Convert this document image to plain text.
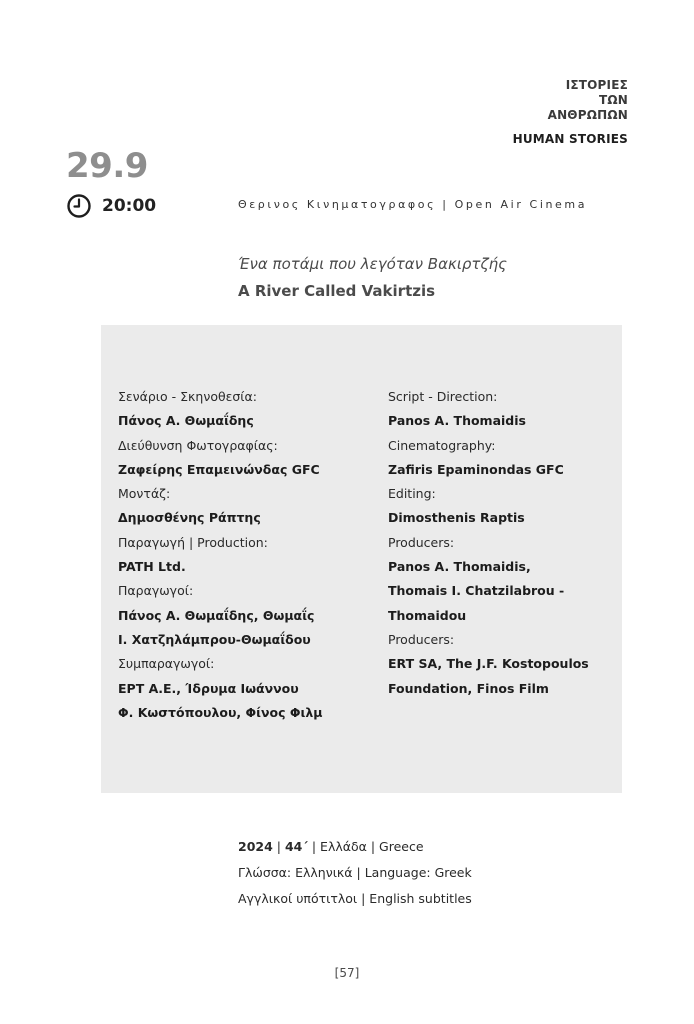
ΙΣΤΟΡΙΕΣ
ΤΩΝ
ΑΝΘΡΩΠΩΝ
HUMAN STORIES
29.9
20:00	Θερινος Κινηματογραφος | Open Air Cinema
Ένα ποτάμι που λεγόταν Βακιρτζής
A River Called Vakirtzis
Σενάριο - Σκηνοθεσία:
Πάνος Α. Θωμαΐδης
Διεύθυνση Φωτογραφίας:
Ζαφείρης Επαμεινώνδας GFC
Μοντάζ:
Δημοσθένης Ράπτης
Παραγωγή | Production:
PATH Ltd.
Παραγωγοί:
Πάνος Α. Θωμαΐδης, Θωμαΐς
Ι. Χατζηλάμπρου-Θωμαΐδου
Συμπαραγωγοί:
ΕΡΤ Α.Ε., Ίδρυμα Ιωάννου
Φ. Κωστόπουλου, Φίνος Φιλμ
Script - Direction:
Panos A. Thomaidis
Cinematography:
Zafiris Epaminondas GFC
Editing:
Dimosthenis Raptis
Producers:
Panos A. Thomaidis,
Thomais I. Chatzilabrou -
Thomaidou
Producers:
ERT SA, The J.F. Kostopoulos
Foundation, Finos Film
2024 | 44΄ | Ελλάδα | Greece
Γλώσσα: Ελληνικά | Language: Greek
Αγγλικοί υπότιτλοι | English subtitles
[57]
